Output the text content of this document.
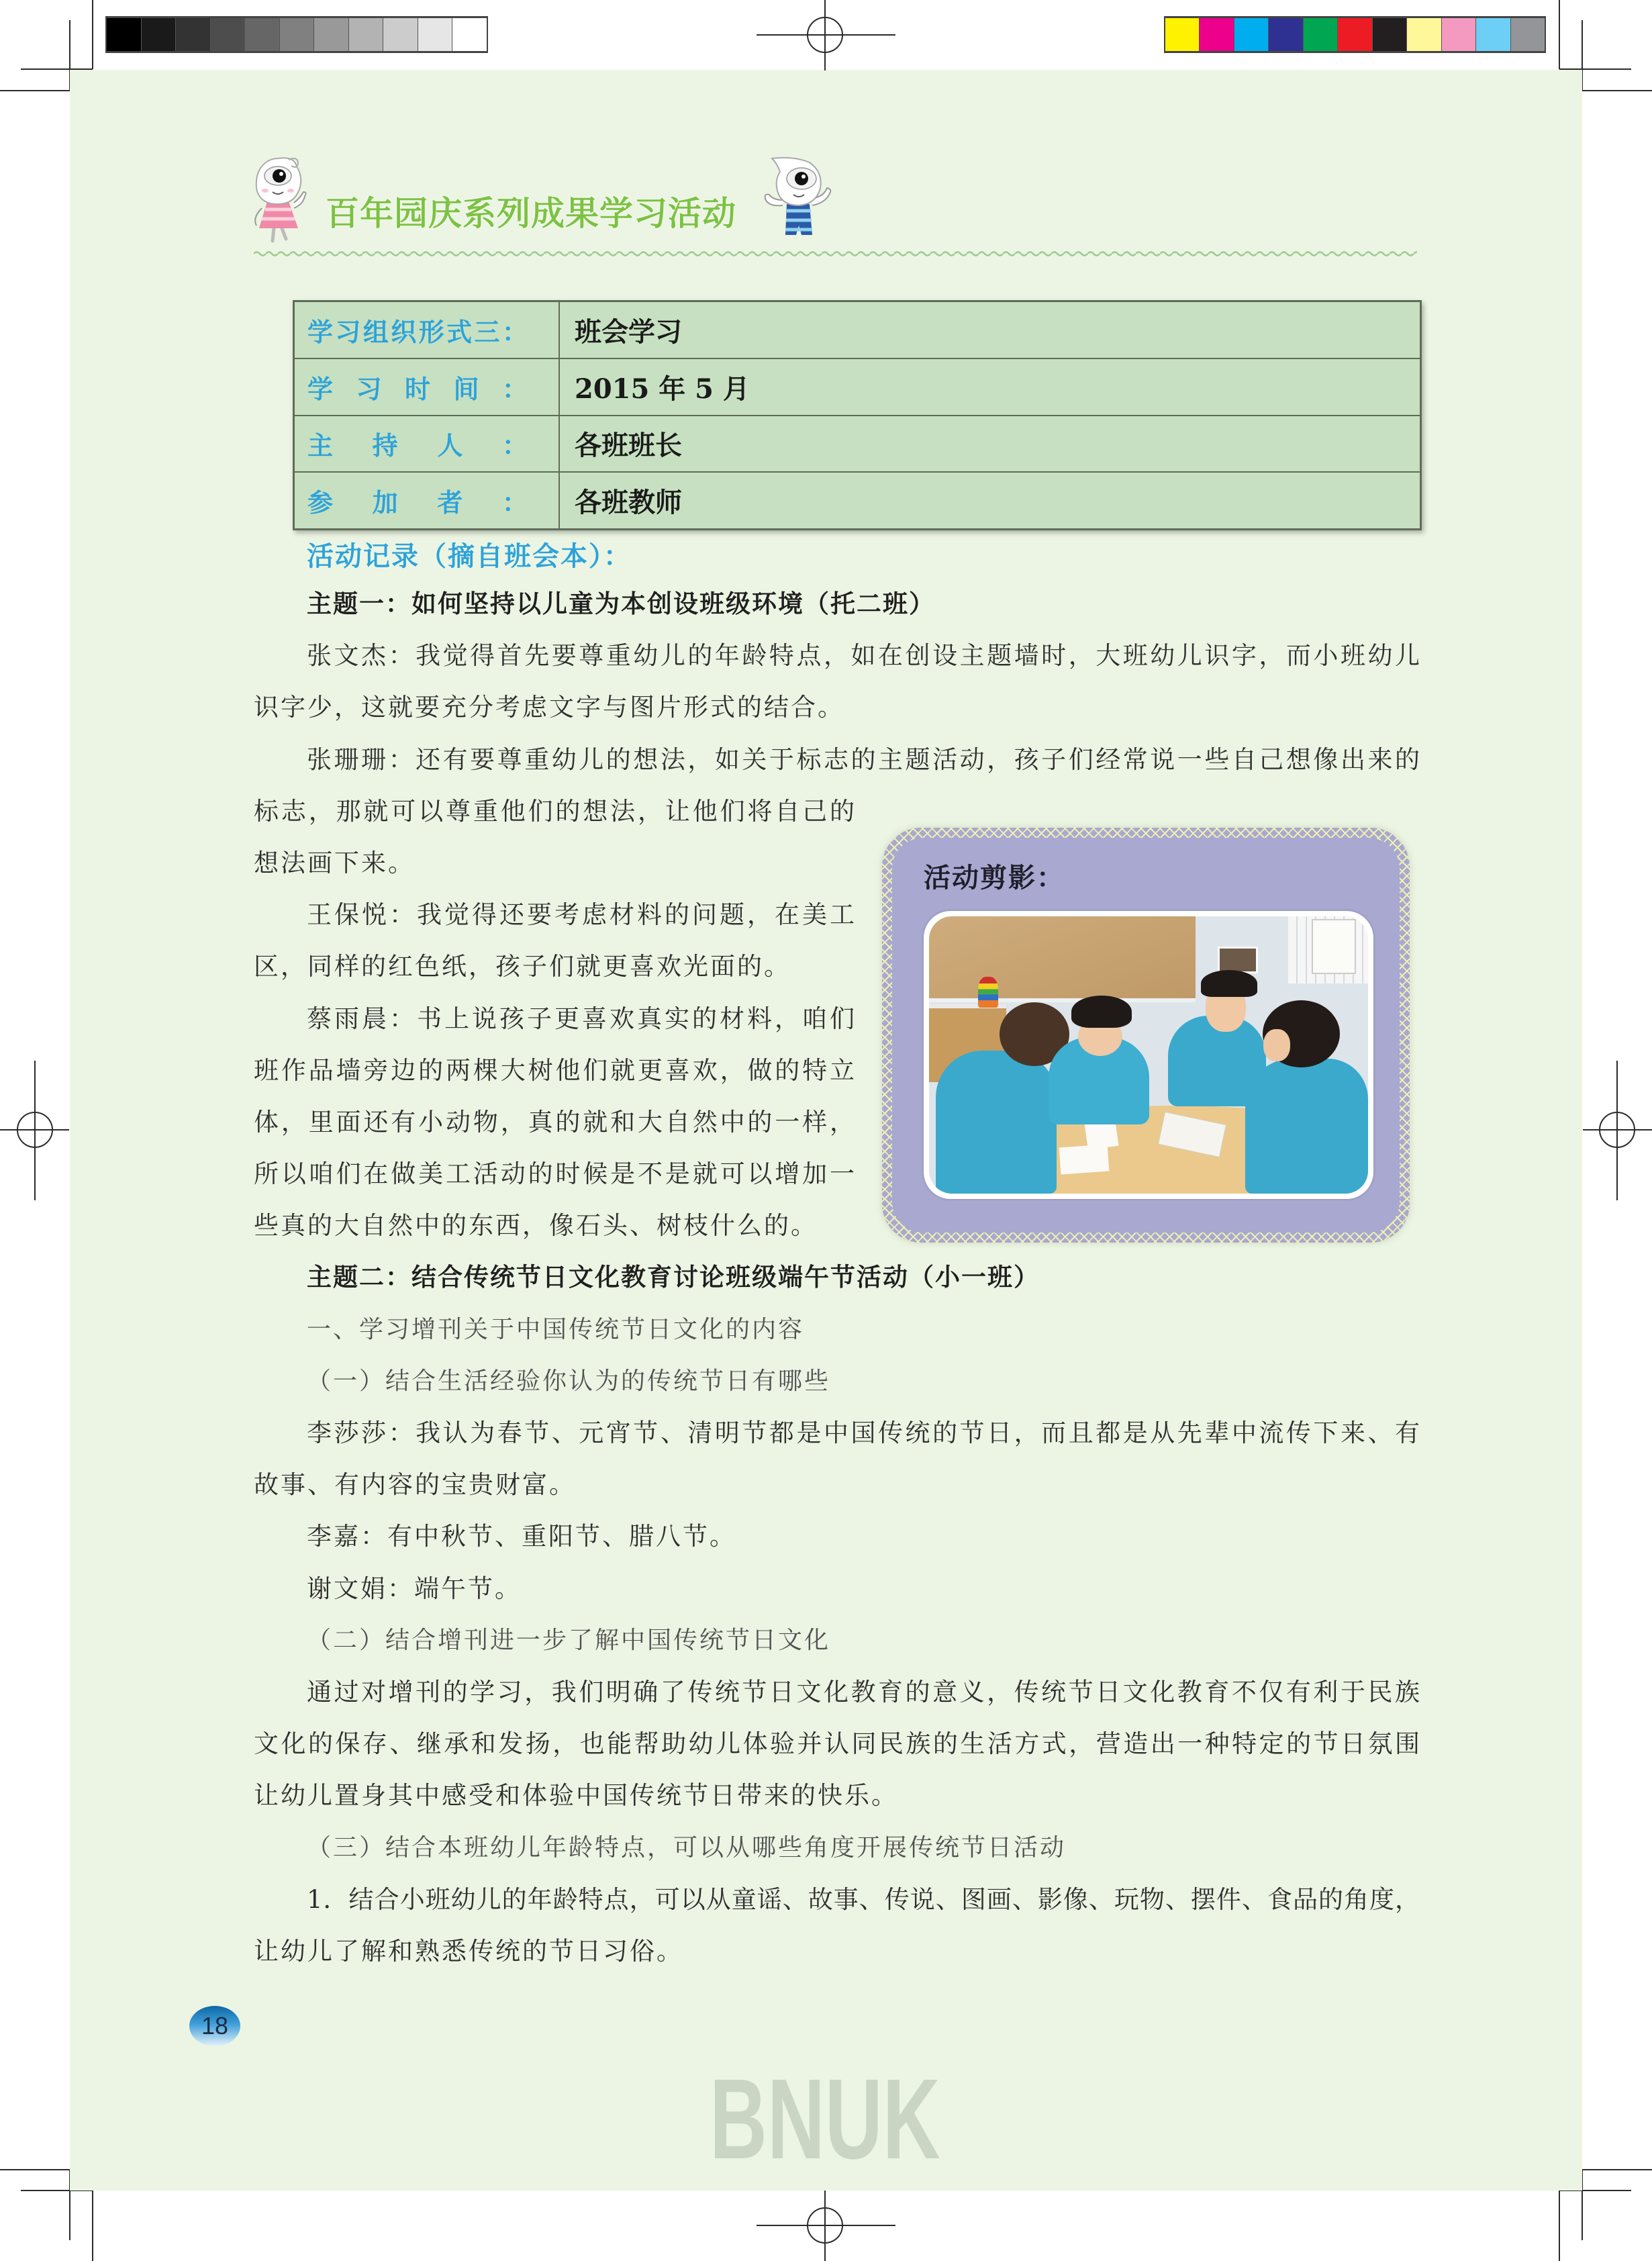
百年园庆系列成果学习活动
学习组织形式三：	班会学习
学习时间：	2015 年 5 月
主持人：	各班班长
参加者：	各班教师
活动记录（摘自班会本）：
主题一：如何坚持以儿童为本创设班级环境（托二班）
张文杰：我觉得首先要尊重幼儿的年龄特点，如在创设主题墙时，大班幼儿识字，而小班幼儿
识字少，这就要充分考虑文字与图片形式的结合。
张珊珊：还有要尊重幼儿的想法，如关于标志的主题活动，孩子们经常说一些自己想像出来的
标志，那就可以尊重他们的想法，让他们将自己的
想法画下来。
王保悦：我觉得还要考虑材料的问题，在美工
区，同样的红色纸，孩子们就更喜欢光面的。
蔡雨晨：书上说孩子更喜欢真实的材料，咱们
班作品墙旁边的两棵大树他们就更喜欢，做的特立
体，里面还有小动物，真的就和大自然中的一样，
所以咱们在做美工活动的时候是不是就可以增加一
些真的大自然中的东西，像石头、树枝什么的。
主题二：结合传统节日文化教育讨论班级端午节活动（小一班）
一、学习增刊关于中国传统节日文化的内容
（一）结合生活经验你认为的传统节日有哪些
李莎莎：我认为春节、元宵节、清明节都是中国传统的节日，而且都是从先辈中流传下来、有
故事、有内容的宝贵财富。
李嘉：有中秋节、重阳节、腊八节。
谢文娟：端午节。
（二）结合增刊进一步了解中国传统节日文化
通过对增刊的学习，我们明确了传统节日文化教育的意义，传统节日文化教育不仅有利于民族
文化的保存、继承和发扬，也能帮助幼儿体验并认同民族的生活方式，营造出一种特定的节日氛围
让幼儿置身其中感受和体验中国传统节日带来的快乐。
（三）结合本班幼儿年龄特点，可以从哪些角度开展传统节日活动
1．结合小班幼儿的年龄特点，可以从童谣、故事、传说、图画、影像、玩物、摆件、食品的角度，
让幼儿了解和熟悉传统的节日习俗。
活动剪影：
18
BNUK
